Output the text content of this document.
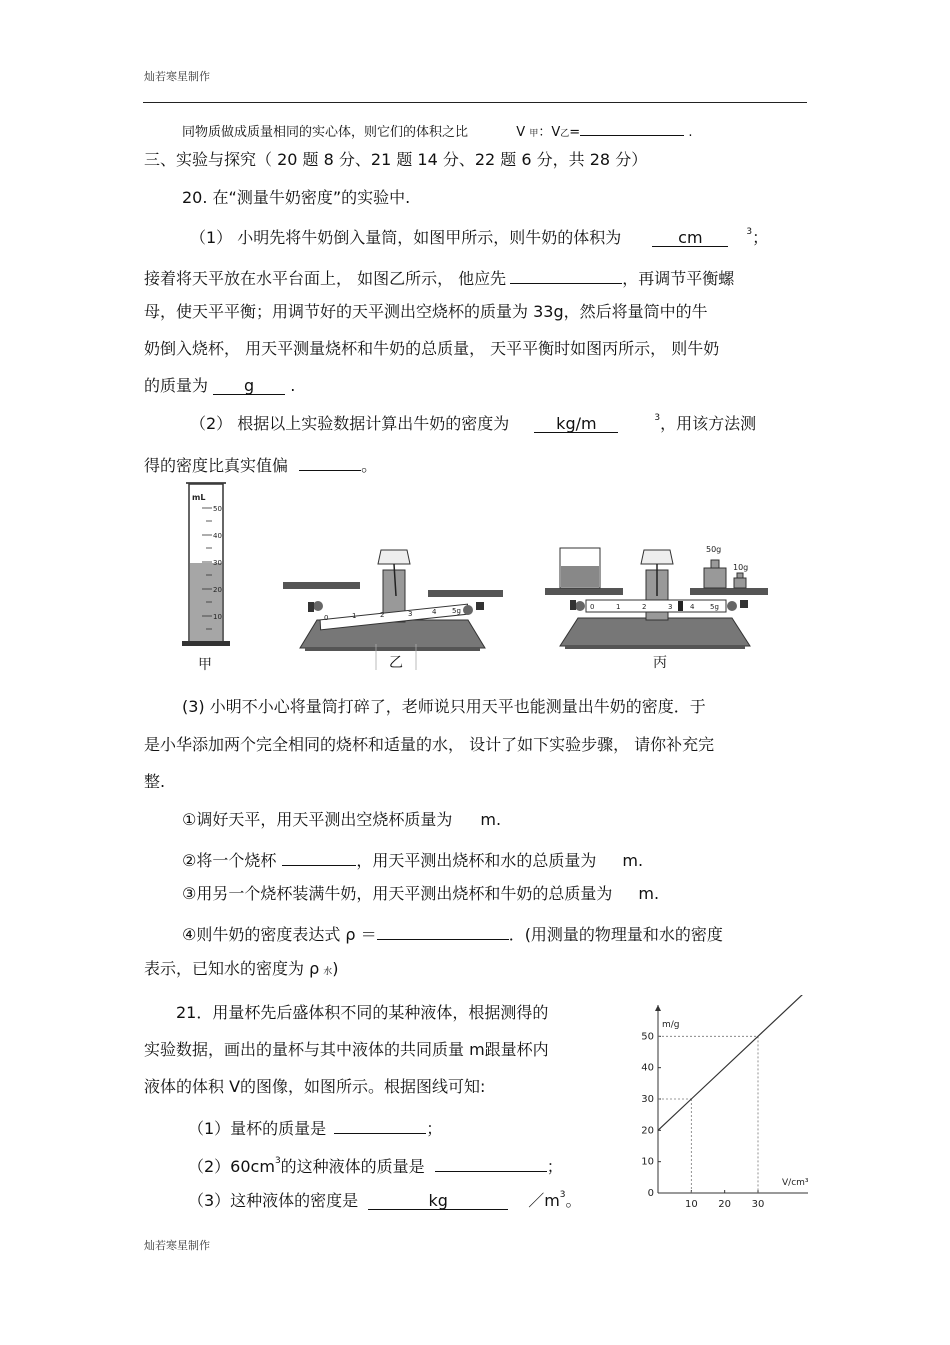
灿若寒星制作
同物质做成质量相同的实心体，则它们的体积之比	V 甲：V乙=	.
三、实验与探究（ 20 题 8 分、21 题 14 分、22 题 6 分，共 28 分）
20. 在“测量牛奶密度”的实验中.
（1） 小明先将牛奶倒入量筒，如图甲所示，则牛奶的体积为	cm	$^3$；
接着将天平放在水平台面上， 如图乙所示， 他应先	，再调节平衡螺
母，使天平平衡；用调节好的天平测出空烧杯的质量为 33g，然后将量筒中的牛
奶倒入烧杯， 用天平测量烧杯和牛奶的总质量， 天平平衡时如图丙所示， 则牛奶
的质量为 g .
（2） 根据以上实验数据计算出牛奶的密度为	kg/m	$^3$，用该方法测
得的密度比真实值偏	。
mL
50
40
30
20
10
甲
0	1	2	3	4 5g
乙
50g
10g
0	1	2	3	4 5g
丙
(3) 小明不小心将量筒打碎了，老师说只用天平也能测量出牛奶的密度．于
是小华添加两个完全相同的烧杯和适量的水， 设计了如下实验步骤， 请你补充完
整.
①调好天平，用天平测出空烧杯质量为 m.
②将一个烧杯	，用天平测出烧杯和水的总质量为 m.
③用另一个烧杯装满牛奶，用天平测出烧杯和牛奶的总质量为 m.
④则牛奶的密度表达式 ρ ＝	．(用测量的物理量和水的密度
表示，已知水的密度为 ρ 水)
21．用量杯先后盛体积不同的某种液体，根据测得的
实验数据，画出的量杯与其中液体的共同质量 m跟量杯内
液体的体积 V的图像，如图所示。根据图线可知:
（1）量杯的质量是	；
$(2)60cm^3$的这种液体的质量是	；
（3）这种液体的密度是	kg	$/m^3$。
m/g
V/cm³
0
10
20
30
40
50
10 20 30
灿若寒星制作
